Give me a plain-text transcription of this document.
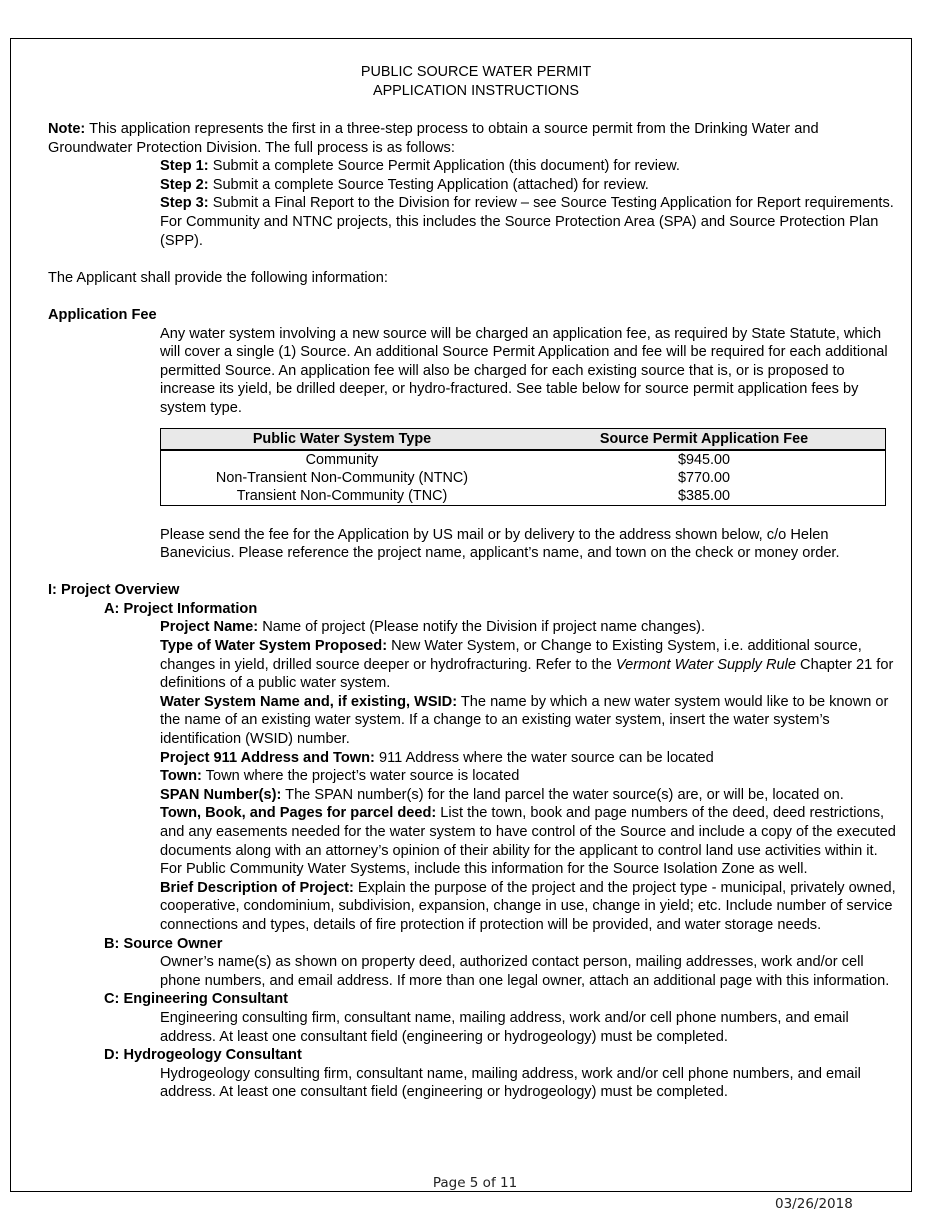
PUBLIC SOURCE WATER PERMIT
APPLICATION INSTRUCTIONS

Note: This application represents the first in a three-step process to obtain a source permit from the Drinking Water and Groundwater Protection Division. The full process is as follows:

Step 1: Submit a complete Source Permit Application (this document) for review.

Step 2: Submit a complete Source Testing Application (attached) for review.

Step 3: Submit a Final Report to the Division for review – see Source Testing Application for Report requirements. For Community and NTNC projects, this includes the Source Protection Area (SPA) and Source Protection Plan (SPP).

The Applicant shall provide the following information:

Application Fee

Any water system involving a new source will be charged an application fee, as required by State Statute, which will cover a single (1) Source. An additional Source Permit Application and fee will be required for each additional permitted Source. An application fee will also be charged for each existing source that is, or is proposed to increase its yield, be drilled deeper, or hydro-fractured. See table below for source permit application fees by system type.

Public Water System Type	Source Permit Application Fee
Community	$945.00
Non-Transient Non-Community (NTNC)	$770.00
Transient Non-Community (TNC)	$385.00

Please send the fee for the Application by US mail or by delivery to the address shown below, c/o Helen Banevicius. Please reference the project name, applicant’s name, and town on the check or money order.

I: Project Overview

A: Project Information

Project Name: Name of project (Please notify the Division if project name changes).

Type of Water System Proposed: New Water System, or Change to Existing System, i.e. additional source, changes in yield, drilled source deeper or hydrofracturing. Refer to the Vermont Water Supply Rule Chapter 21 for definitions of a public water system.

Water System Name and, if existing, WSID: The name by which a new water system would like to be known or the name of an existing water system. If a change to an existing water system, insert the water system’s identification (WSID) number.

Project 911 Address and Town: 911 Address where the water source can be located

Town: Town where the project’s water source is located

SPAN Number(s): The SPAN number(s) for the land parcel the water source(s) are, or will be, located on.

Town, Book, and Pages for parcel deed: List the town, book and page numbers of the deed, deed restrictions, and any easements needed for the water system to have control of the Source and include a copy of the executed documents along with an attorney’s opinion of their ability for the applicant to control land use activities within it. For Public Community Water Systems, include this information for the Source Isolation Zone as well.

Brief Description of Project: Explain the purpose of the project and the project type - municipal, privately owned, cooperative, condominium, subdivision, expansion, change in use, change in yield; etc. Include number of service connections and types, details of fire protection if protection will be provided, and water storage needs.

B: Source Owner

Owner’s name(s) as shown on property deed, authorized contact person, mailing addresses, work and/or cell phone numbers, and email address. If more than one legal owner, attach an additional page with this information.

C: Engineering Consultant

Engineering consulting firm, consultant name, mailing address, work and/or cell phone numbers, and email address. At least one consultant field (engineering or hydrogeology) must be completed.

D: Hydrogeology Consultant

Hydrogeology consulting firm, consultant name, mailing address, work and/or cell phone numbers, and email address. At least one consultant field (engineering or hydrogeology) must be completed.

Page 5 of 11
03/26/2018
